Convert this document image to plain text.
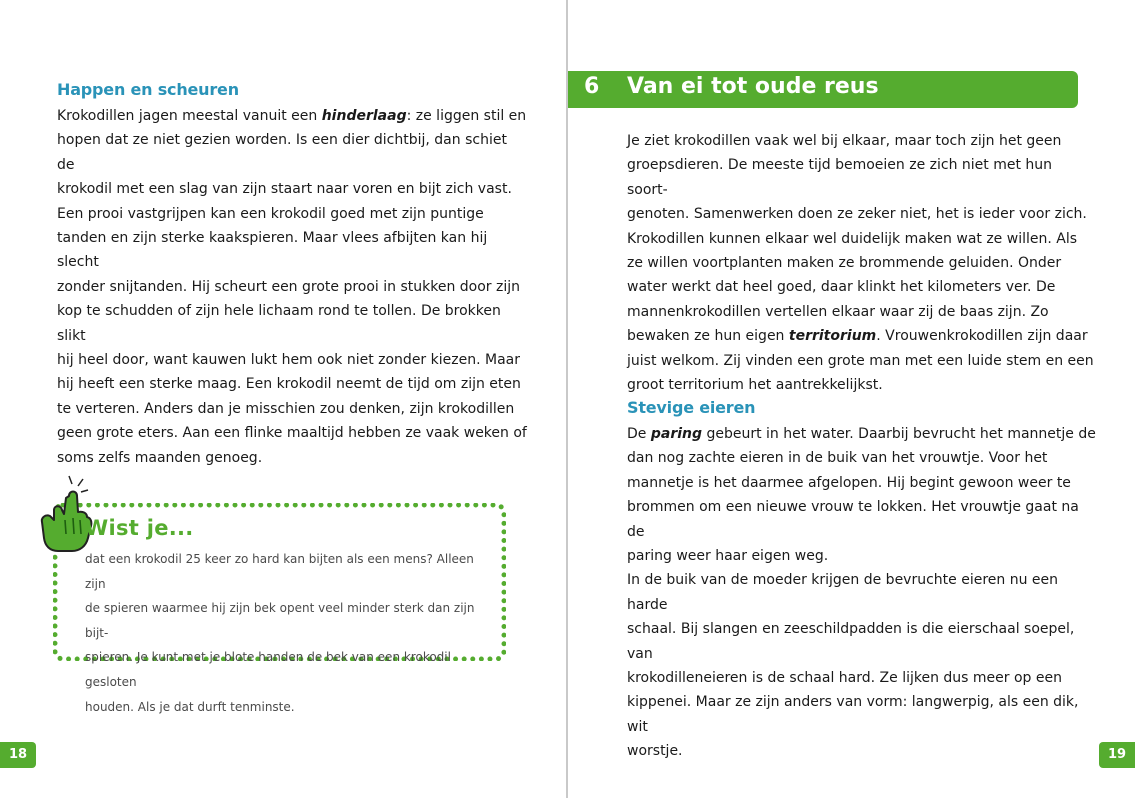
Happen en scheuren

Krokodillen jagen meestal vanuit een hinderlaag: ze liggen stil en

hopen dat ze niet gezien worden. Is een dier dichtbij, dan schiet de

krokodil met een slag van zijn staart naar voren en bijt zich vast.

Een prooi vastgrijpen kan een krokodil goed met zijn puntige

tanden en zijn sterke kaakspieren. Maar vlees afbijten kan hij slecht

zonder snijtanden. Hij scheurt een grote prooi in stukken door zijn

kop te schudden of zijn hele lichaam rond te tollen. De brokken slikt

hij heel door, want kauwen lukt hem ook niet zonder kiezen. Maar

hij heeft een sterke maag. Een krokodil neemt de tijd om zijn eten

te verteren. Anders dan je misschien zou denken, zijn krokodillen

geen grote eters. Aan een flinke maaltijd hebben ze vaak weken of

soms zelfs maanden genoeg.

Wist je...

dat een krokodil 25 keer zo hard kan bijten als een mens? Alleen zijn

de spieren waarmee hij zijn bek opent veel minder sterk dan zijn bijt-

spieren. Je kunt met je blote handen de bek van een krokodil gesloten

houden. Als je dat durft tenminste.

18
6 Van ei tot oude reus

Je ziet krokodillen vaak wel bij elkaar, maar toch zijn het geen

groepsdieren. De meeste tijd bemoeien ze zich niet met hun soort-

genoten. Samenwerken doen ze zeker niet, het is ieder voor zich.

Krokodillen kunnen elkaar wel duidelijk maken wat ze willen. Als

ze willen voortplanten maken ze brommende geluiden. Onder

water werkt dat heel goed, daar klinkt het kilometers ver. De

mannenkrokodillen vertellen elkaar waar zij de baas zijn. Zo

bewaken ze hun eigen territorium. Vrouwenkrokodillen zijn daar

juist welkom. Zij vinden een grote man met een luide stem en een

groot territorium het aantrekkelijkst.

Stevige eieren

De paring gebeurt in het water. Daarbij bevrucht het mannetje de

dan nog zachte eieren in de buik van het vrouwtje. Voor het

mannetje is het daarmee afgelopen. Hij begint gewoon weer te

brommen om een nieuwe vrouw te lokken. Het vrouwtje gaat na de

paring weer haar eigen weg.

In de buik van de moeder krijgen de bevruchte eieren nu een harde

schaal. Bij slangen en zeeschildpadden is die eierschaal soepel, van

krokodilleneieren is de schaal hard. Ze lijken dus meer op een

kippenei. Maar ze zijn anders van vorm: langwerpig, als een dik, wit

worstje.	19
